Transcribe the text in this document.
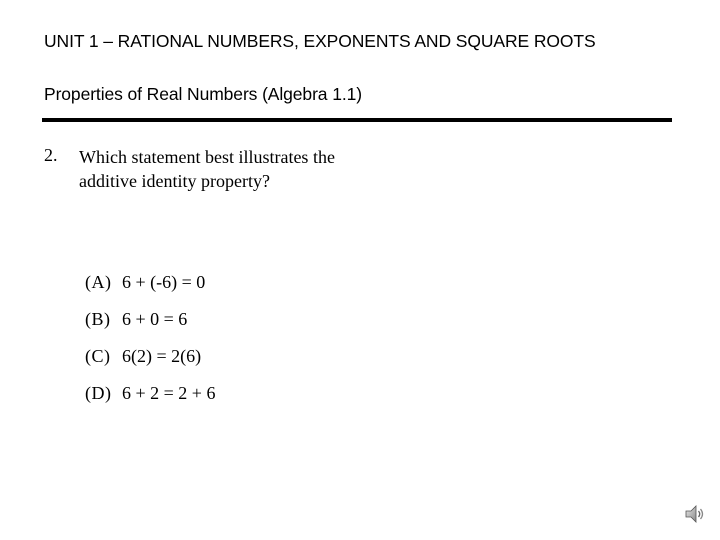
UNIT 1 – RATIONAL NUMBERS, EXPONENTS AND SQUARE ROOTS
Properties of Real Numbers (Algebra 1.1)
2. Which statement best illustrates the additive identity property?
(A) 6 + (-6) = 0
(B) 6 + 0 = 6
(C) 6(2) = 2(6)
(D) 6 + 2 = 2 + 6
